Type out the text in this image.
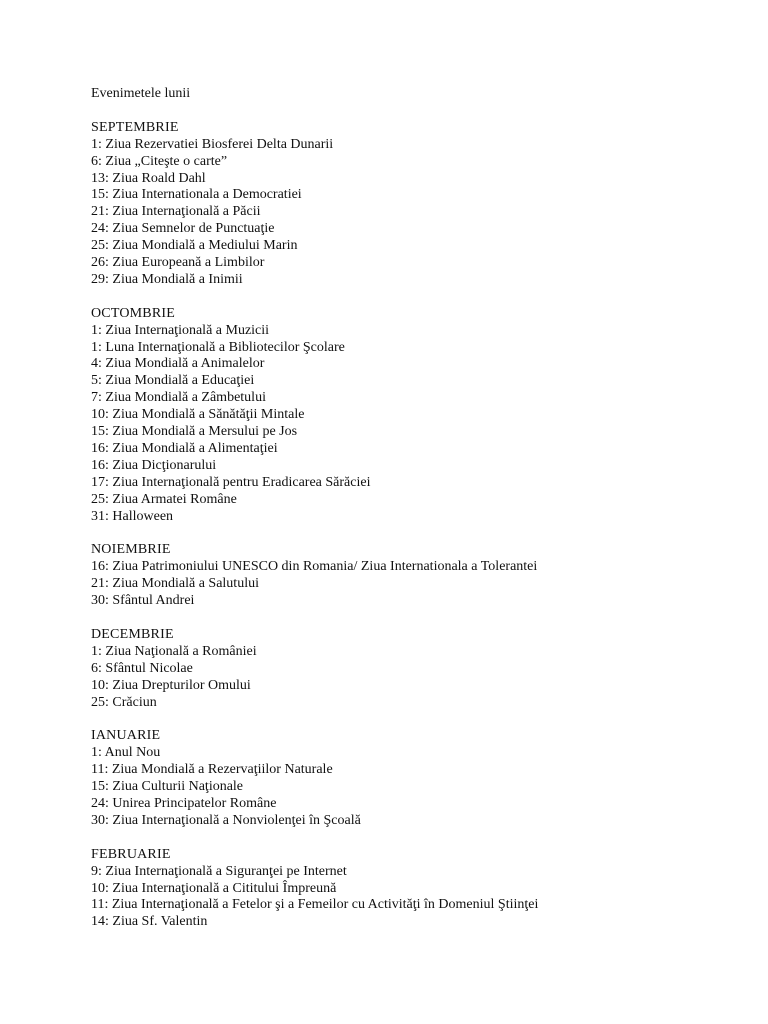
Evenimetele lunii
SEPTEMBRIE
1: Ziua Rezervatiei Biosferei Delta Dunarii
6: Ziua „Citeşte o carte”
13: Ziua Roald Dahl
15: Ziua Internationala a Democratiei
21: Ziua Internaţională a Păcii
24: Ziua Semnelor de Punctuaţie
25: Ziua Mondială a Mediului Marin
26: Ziua Europeană a Limbilor
29: Ziua Mondială a Inimii
OCTOMBRIE
1: Ziua Internaţională a Muzicii
1: Luna Internaţională a Bibliotecilor Şcolare
4: Ziua Mondială a Animalelor
5: Ziua Mondială a Educaţiei
7: Ziua Mondială a Zâmbetului
10: Ziua Mondială a Sănătăţii Mintale
15: Ziua Mondială a Mersului pe Jos
16: Ziua Mondială a Alimentaţiei
16: Ziua Dicţionarului
17: Ziua Internaţională pentru Eradicarea Sărăciei
25: Ziua Armatei Române
31: Halloween
NOIEMBRIE
16: Ziua Patrimoniului UNESCO din Romania/ Ziua Internationala a Tolerantei
21: Ziua Mondială a Salutului
30: Sfântul Andrei
DECEMBRIE
1: Ziua Naţională a României
6: Sfântul Nicolae
10: Ziua Drepturilor Omului
25: Crăciun
IANUARIE
1: Anul Nou
11: Ziua Mondială a Rezervaţiilor Naturale
15: Ziua Culturii Naţionale
24: Unirea Principatelor Române
30: Ziua Internaţională a Nonviolenţei în Şcoală
FEBRUARIE
9: Ziua Internaţională a Siguranţei pe Internet
10: Ziua Internaţională a Cititului Împreună
11: Ziua Internaţională a Fetelor şi a Femeilor cu Activităţi în Domeniul Ştiinţei
14: Ziua Sf. Valentin
